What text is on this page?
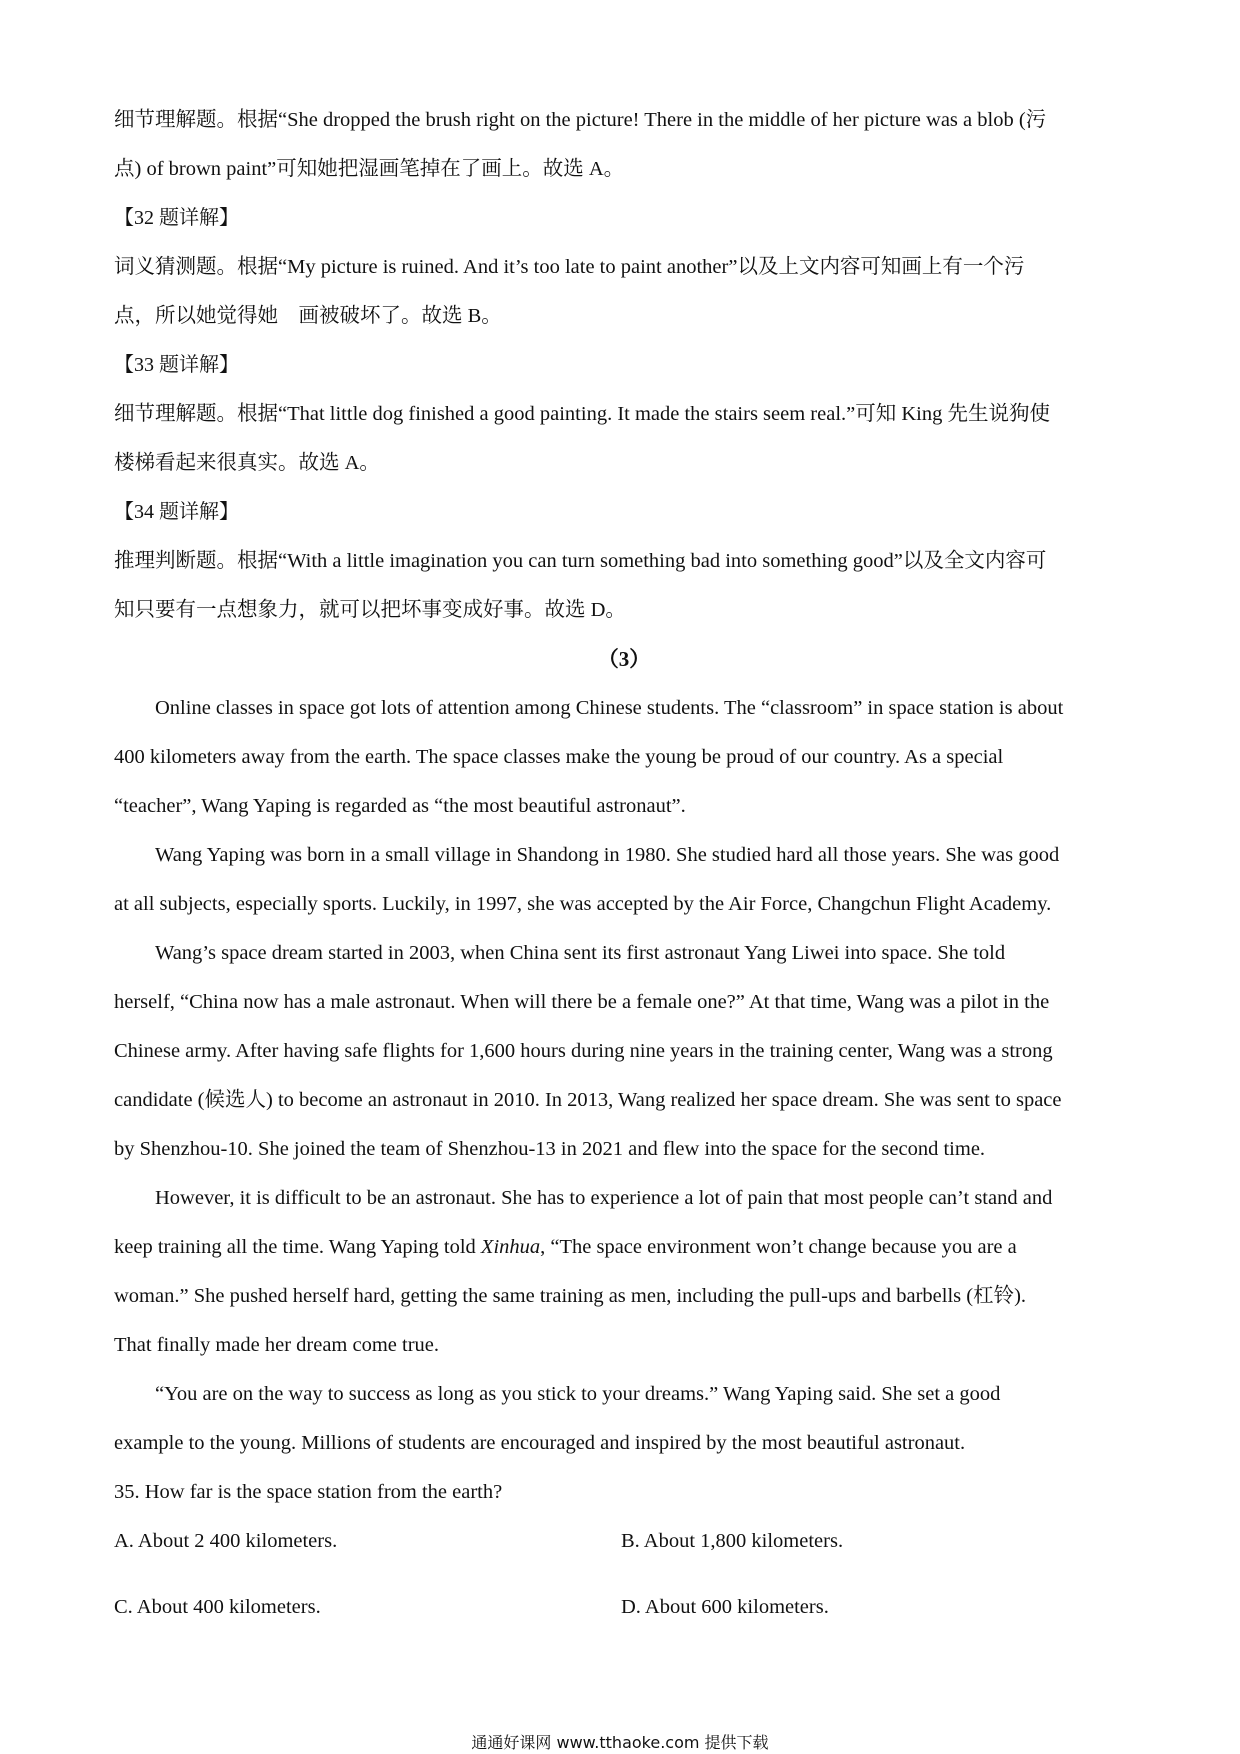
细节理解题。根据“She dropped the brush right on the picture! There in the middle of her picture was a blob (污

点) of brown paint”可知她把湿画笔掉在了画上。故选 A。

【32 题详解】

词义猜测题。根据“My picture is ruined. And it’s too late to paint another”以及上文内容可知画上有一个污

点，所以她觉得她　画被破坏了。故选 B。

【33 题详解】

细节理解题。根据“That little dog finished a good painting. It made the stairs seem real.”可知 King 先生说狗使

楼梯看起来很真实。故选 A。

【34 题详解】

推理判断题。根据“With a little imagination you can turn something bad into something good”以及全文内容可

知只要有一点想象力，就可以把坏事变成好事。故选 D。

（3）

Online classes in space got lots of attention among Chinese students. The “classroom” in space station is about

400 kilometers away from the earth. The space classes make the young be proud of our country. As a special

“teacher”, Wang Yaping is regarded as “the most beautiful astronaut”.

Wang Yaping was born in a small village in Shandong in 1980. She studied hard all those years. She was good

at all subjects, especially sports. Luckily, in 1997, she was accepted by the Air Force, Changchun Flight Academy.

Wang’s space dream started in 2003, when China sent its first astronaut Yang Liwei into space. She told

herself, “China now has a male astronaut. When will there be a female one?” At that time, Wang was a pilot in the

Chinese army. After having safe flights for 1,600 hours during nine years in the training center, Wang was a strong

candidate (候选人) to become an astronaut in 2010. In 2013, Wang realized her space dream. She was sent to space

by Shenzhou-10. She joined the team of Shenzhou-13 in 2021 and flew into the space for the second time.

However, it is difficult to be an astronaut. She has to experience a lot of pain that most people can’t stand and

keep training all the time. Wang Yaping told Xinhua, “The space environment won’t change because you are a

woman.” She pushed herself hard, getting the same training as men, including the pull-ups and barbells (杠铃).

That finally made her dream come true.

“You are on the way to success as long as you stick to your dreams.” Wang Yaping said. She set a good

example to the young. Millions of students are encouraged and inspired by the most beautiful astronaut.

35. How far is the space station from the earth?

A. About 2 400 kilometers.	B. About 1,800 kilometers.
C. About 400 kilometers.	D. About 600 kilometers.
通通好课网 www.tthaoke.com 提供下载
